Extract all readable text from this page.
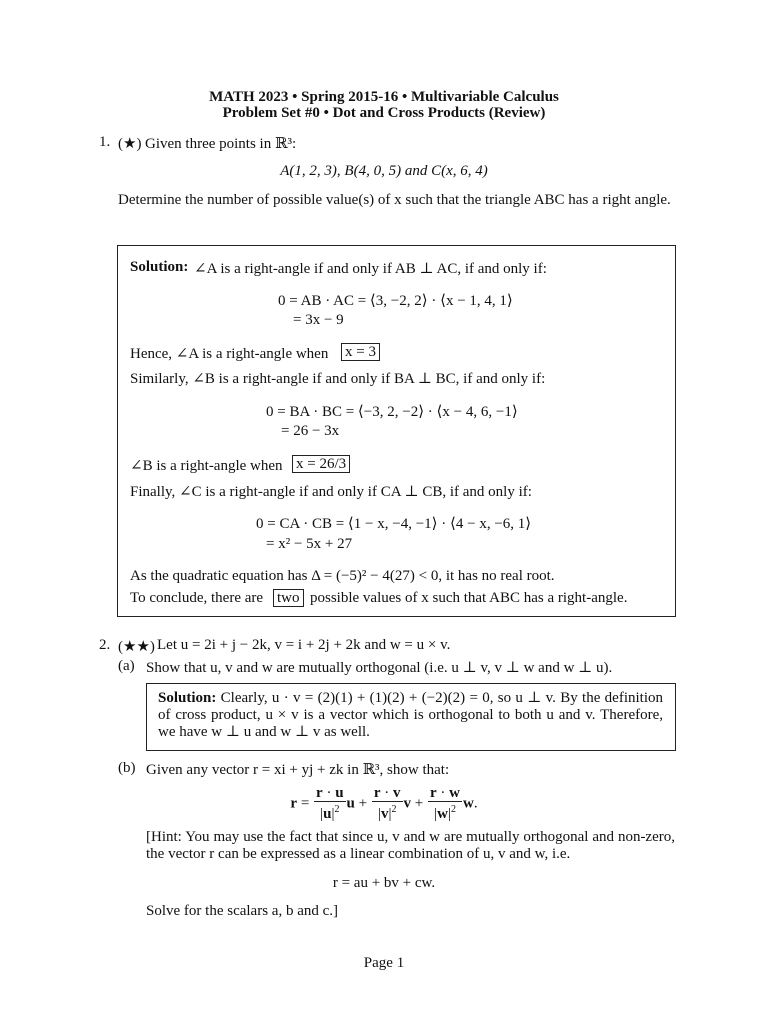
MATH 2023 • Spring 2015-16 • Multivariable Calculus
Problem Set #0 • Dot and Cross Products (Review)
1. (★) Given three points in ℝ³:
A(1, 2, 3), B(4, 0, 5) and C(x, 6, 4)
Determine the number of possible value(s) of x such that the triangle ABC has a right angle.
Solution: ∠A is a right-angle if and only if AB ⊥ AC, if and only if:
0 = AB · AC = ⟨3, −2, 2⟩ · ⟨x − 1, 4, 1⟩
= 3x − 9
Hence, ∠A is a right-angle when x = 3
Similarly, ∠B is a right-angle if and only if BA ⊥ BC, if and only if:
0 = BA · BC = ⟨−3, 2, −2⟩ · ⟨x − 4, 6, −1⟩
= 26 − 3x
∠B is a right-angle when x = 26/3
Finally, ∠C is a right-angle if and only if CA ⊥ CB, if and only if:
0 = CA · CB = ⟨1 − x, −4, −1⟩ · ⟨4 − x, −6, 1⟩
= x² − 5x + 27
As the quadratic equation has Δ = (−5)² − 4(27) < 0, it has no real root.
To conclude, there are two possible values of x such that ABC has a right-angle.
2. (★★) Let u = 2i + j − 2k, v = i + 2j + 2k and w = u × v.
(a) Show that u, v and w are mutually orthogonal (i.e. u ⊥ v, v ⊥ w and w ⊥ u).
Solution: Clearly, u · v = (2)(1) + (1)(2) + (−2)(2) = 0, so u ⊥ v. By the definition of cross product, u × v is a vector which is orthogonal to both u and v. Therefore, we have w ⊥ u and w ⊥ v as well.
(b) Given any vector r = xi + yj + zk in ℝ³, show that:
$r = \frac{r \cdot u}{|u|^2}$ $u + \frac{r \cdot v}{|v|^2}$ $v + \frac{r \cdot w}{|w|^2} w$.
[Hint: You may use the fact that since u, v and w are mutually orthogonal and non-zero, the vector r can be expressed as a linear combination of u, v and w, i.e.
r = au + bv + cw.
Solve for the scalars a, b and c.]
Page 1
